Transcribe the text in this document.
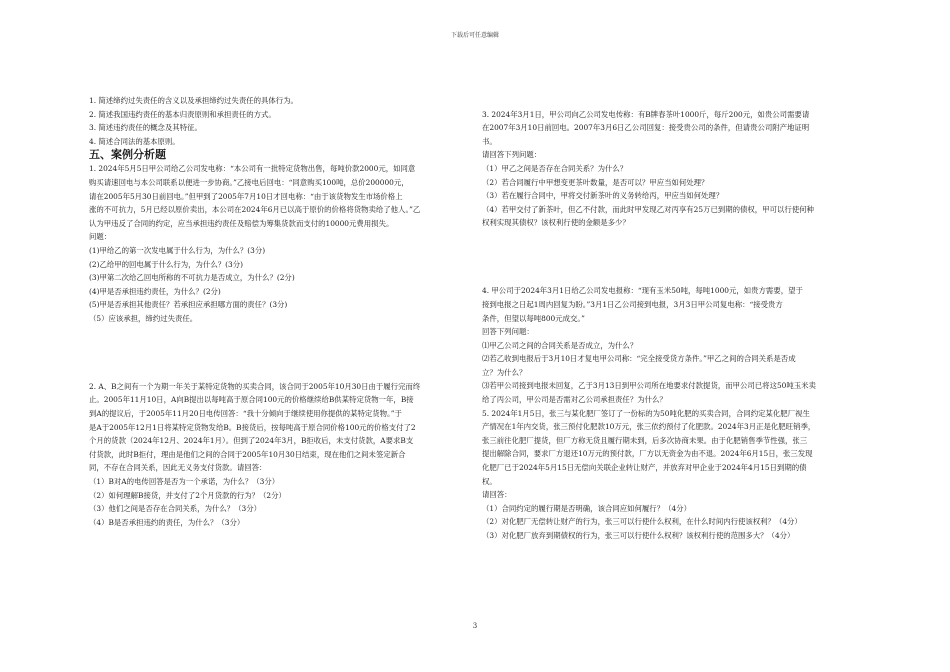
下载后可任意编辑
1. 简述缔约过失责任的含义以及承担缔约过失责任的具体行为。
2. 简述我国违约责任的基本归责原则和承担责任的方式。
3. 简述违约责任的概念及其特征。
4. 简述合同法的基本原则。
五、案例分析题
1. 2024年5月5日甲公司给乙公司发电称：“本公司有一批特定货物出售，每吨价款2000元，如同意
购买请速回电与本公司联系以便进一步协商。”乙接电后回电：“同意购买100吨，总价200000元，
请在2005年5月30日前回电。”但甲到了2005年7月10日才回电称：“由于该货物发生市场价格上
涨的不可抗力，5月已经以原价卖出，本公司在2024年6月已以高于原价的价格将货物卖给了他人。”乙
认为甲违反了合同的约定，应当承担违约责任及赔偿为筹集货款而支付的10000元费用损失。
问题：
(1)甲给乙的第一次发电属于什么行为，为什么？(3分)
(2)乙给甲的回电属于什么行为，为什么？(3分)
(3)甲第二次给乙回电所称的不可抗力是否成立，为什么？(2分)
(4)甲是否承担违约责任，为什么？(2分)
(5)甲是否承担其他责任？若承担应承担哪方面的责任？(3分)
（5）应该承担，缔约过失责任。
2. A、B之间有一个为期一年关于某特定货物的买卖合同，该合同于2005年10月30日由于履行完而终
止。2005年11月10日，A向B提出以每吨高于原合同100元的价格继续给B供某特定货物一年，B接
到A的提议后，于2005年11月20日电传回答：“我十分倾向于继续使用你提供的某特定货物。”于
是A于2005年12月1日将某特定货物发给B。B接货后，按每吨高于原合同价格100元的价格支付了2
个月的货款（2024年12月、2024年1月）。但到了2024年3月，B拒收后，未支付货款，A要求B支
付货款，此时B拒付，理由是他们之间的合同于2005年10月30日结束，现在他们之间未签定新合
同，不存在合同关系，因此无义务支付货款。请回答：
（1）B对A的电传回答是否为一个承诺，为什么？（3分）
（2）如何理解B接货，并支付了2个月货款的行为？（2分）
（3）他们之间是否存在合同关系，为什么？（3分）
（4）B是否承担违约的责任，为什么？（3分）
3. 2024年3月1日，甲公司向乙公司发电传称：有B牌春茶叶1000斤，每斤200元，如贵公司需要请
在2007年3月10日前回电。2007年3月6日乙公司回复：接受贵公司的条件，但请贵公司附产地证明
书。
请回答下列问题：
（1）甲乙之间是否存在合同关系？为什么？
（2）若合同履行中甲想变更茶叶数量，是否可以？甲应当如何处理？
（3）若在履行合同中，甲将交付新茶叶的义务转给丙，甲应当如何处理？
（4）若甲交付了新茶叶，但乙不付款，而此时甲发现乙对丙享有25万已到期的债权，甲可以行使何种
权利实现其债权？该权利行使的金额是多少？
4. 甲公司于2024年3月1日给乙公司发电报称：“现有玉米50吨，每吨1000元，如贵方需要，望于
接到电报之日起1周内回复为盼。”3月1日乙公司接到电报，3月3日甲公司复电称：“接受贵方
条件，但望以每吨800元成交。”
回答下列问题：
⑴甲乙公司之间的合同关系是否成立，为什么？
⑵若乙收到电报后于3月10日才复电甲公司称：“完全接受货方条件。”甲乙之间的合同关系是否成
立？为什么？
⑶若甲公司接到电报未回复，乙于3月13日到甲公司所在地要求付款提货，而甲公司已将这50吨玉米卖
给了丙公司，甲公司是否需对乙公司承担责任？为什么？
5. 2024年1月5日，张三与某化肥厂签订了一份标的为50吨化肥的买卖合同，合同约定某化肥厂视生
产情况在1年内交货，张三预付化肥款10万元，张三依约预付了化肥款。2024年3月正是化肥旺销季，
张三前往化肥厂提货，但厂方称无货且履行期未到，后多次协商未果。由于化肥销售季节性强，张三
提出解除合同，要求厂方退还10万元的预付款，厂方以无资金为由不退。2024年6月15日，张三发现
化肥厂已于2024年5月15日无偿向关联企业转让财产，并放弃对甲企业于2024年4月15日到期的债
权。
请回答：
（1）合同约定的履行期是否明确，该合同应如何履行？（4分）
（2）对化肥厂无偿转让财产的行为，张三可以行使什么权利，在什么时间内行使该权利？（4分）
（3）对化肥厂放弃到期债权的行为，张三可以行使什么权利？该权利行使的范围多大？（4分）
3
